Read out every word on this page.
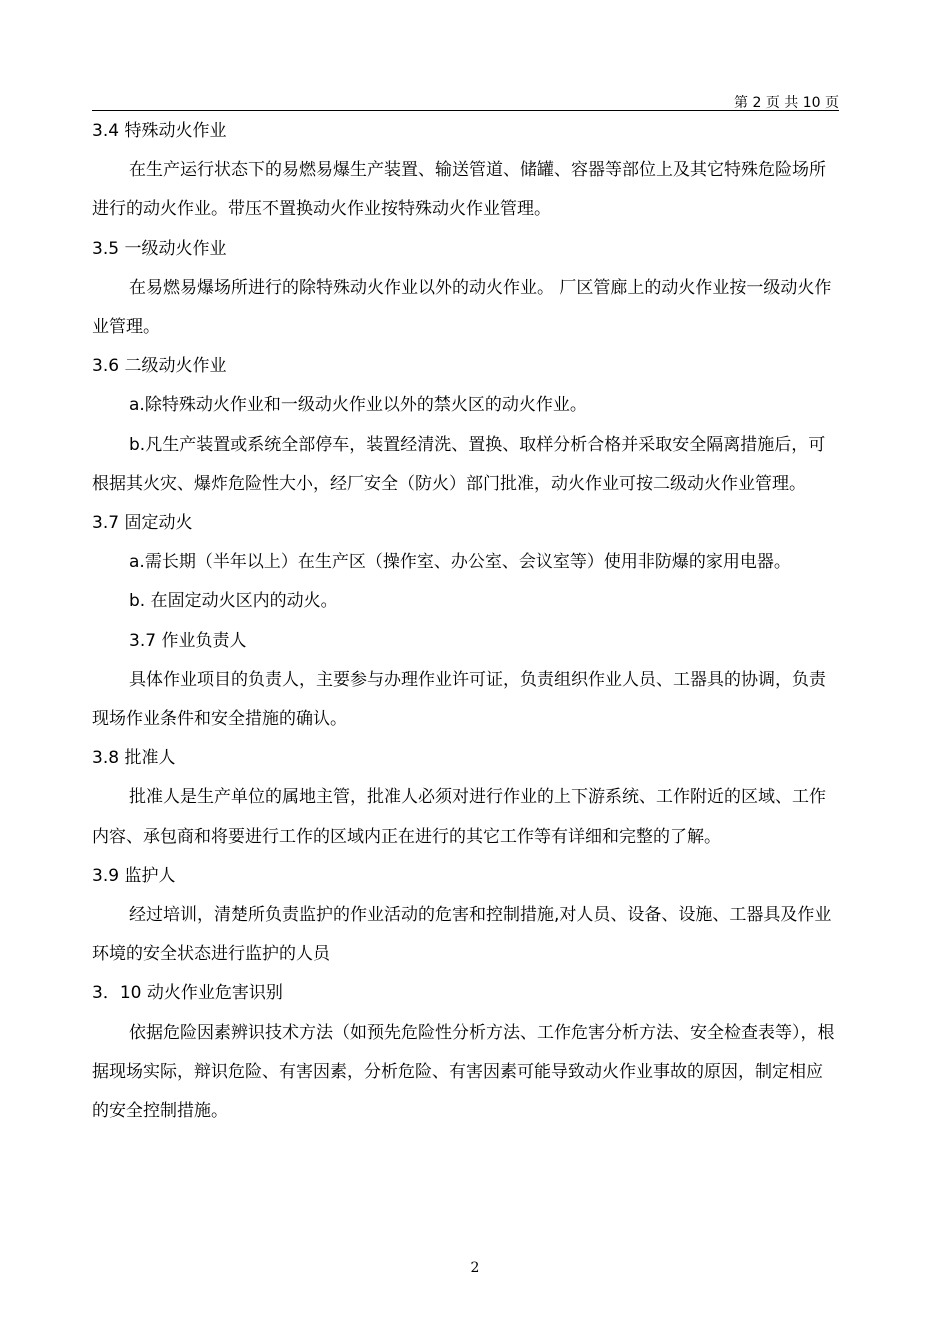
第 2 页 共 10 页

3.4 特殊动火作业

在生产运行状态下的易燃易爆生产装置、输送管道、储罐、容器等部位上及其它特殊危险场所进行的动火作业。带压不置换动火作业按特殊动火作业管理。

3.5 一级动火作业

在易燃易爆场所进行的除特殊动火作业以外的动火作业。 厂区管廊上的动火作业按一级动火作业管理。

3.6 二级动火作业

a.除特殊动火作业和一级动火作业以外的禁火区的动火作业。

b.凡生产装置或系统全部停车，装置经清洗、置换、取样分析合格并采取安全隔离措施后，可根据其火灾、爆炸危险性大小，经厂安全（防火）部门批准，动火作业可按二级动火作业管理。

3.7 固定动火

a.需长期（半年以上）在生产区（操作室、办公室、会议室等）使用非防爆的家用电器。

b. 在固定动火区内的动火。

3.7 作业负责人

具体作业项目的负责人，主要参与办理作业许可证，负责组织作业人员、工器具的协调，负责现场作业条件和安全措施的确认。

3.8 批准人

批准人是生产单位的属地主管，批准人必须对进行作业的上下游系统、工作附近的区域、工作内容、承包商和将要进行工作的区域内正在进行的其它工作等有详细和完整的了解。

3.9 监护人

经过培训，清楚所负责监护的作业活动的危害和控制措施,对人员、设备、设施、工器具及作业环境的安全状态进行监护的人员

3．10 动火作业危害识别

依据危险因素辨识技术方法（如预先危险性分析方法、工作危害分析方法、安全检查表等），根据现场实际，辩识危险、有害因素，分析危险、有害因素可能导致动火作业事故的原因，制定相应的安全控制措施。

2
